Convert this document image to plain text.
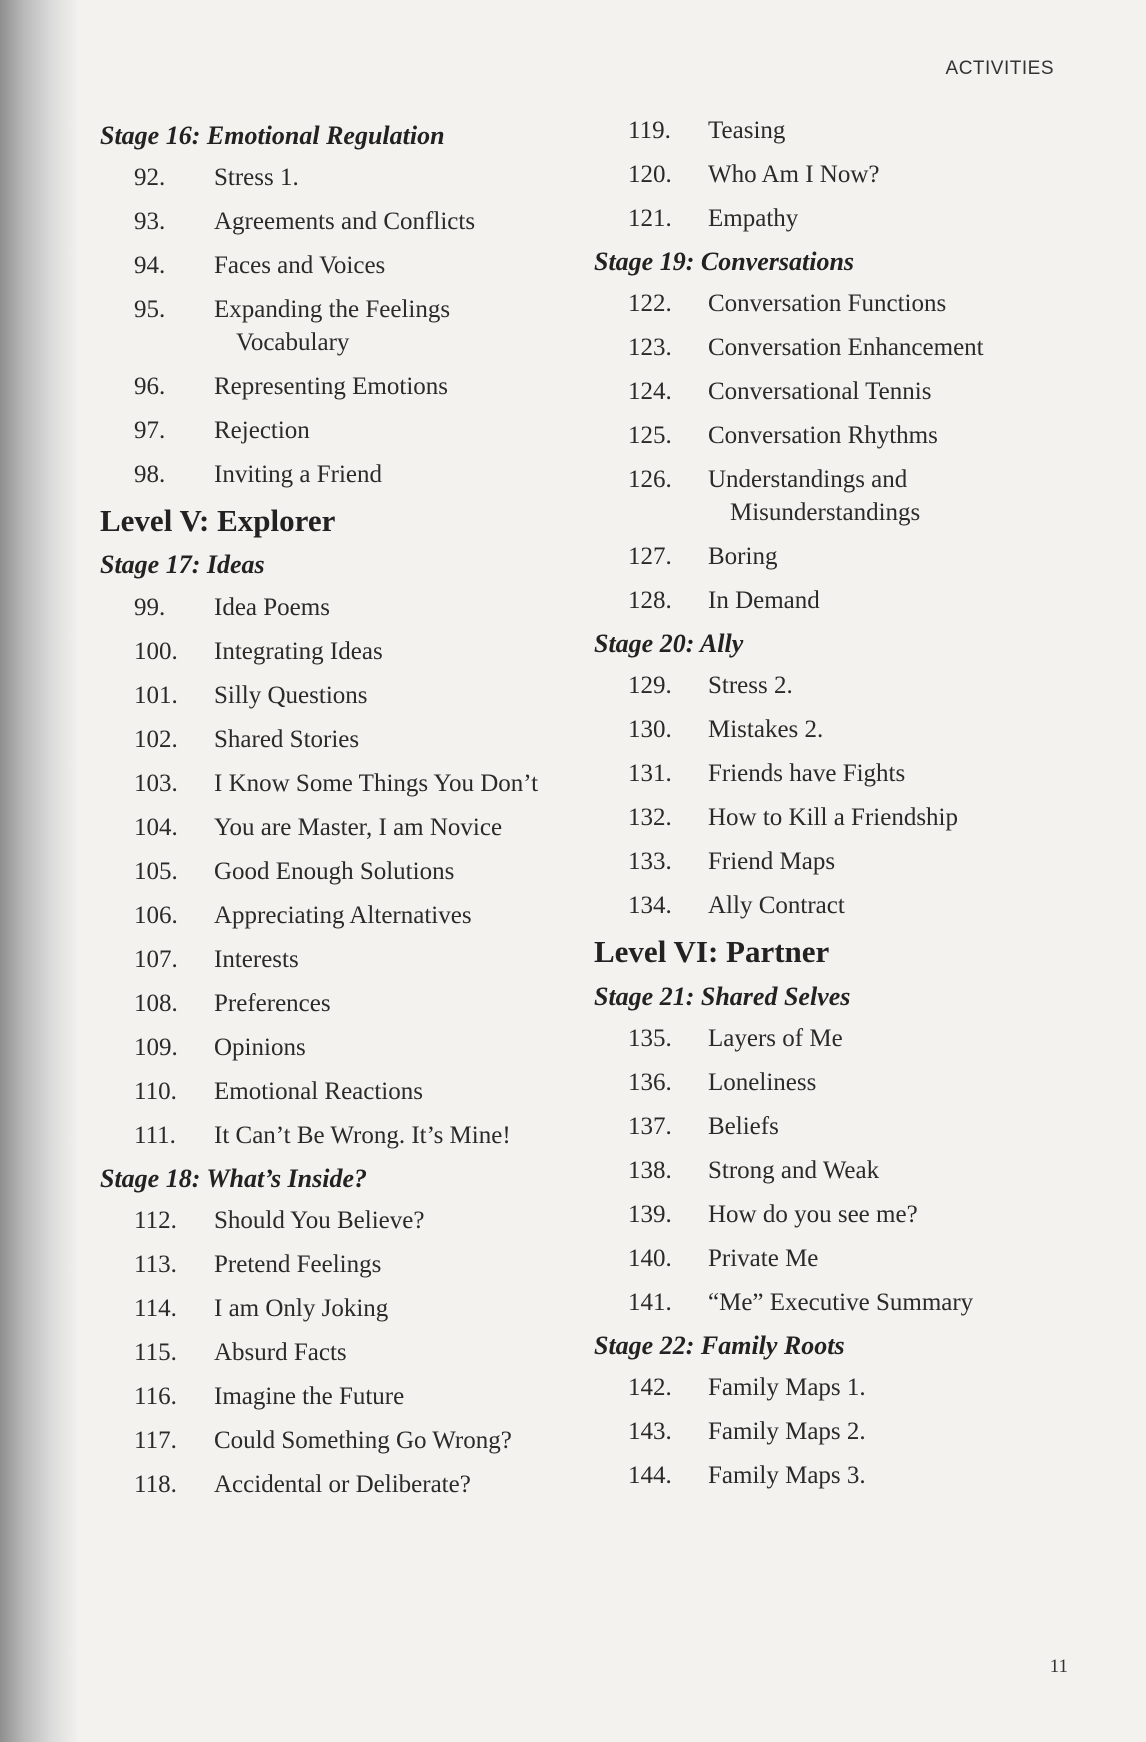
ACTIVITIES
Stage 16: Emotional Regulation
92.	Stress 1.
93.	Agreements and Conflicts
94.	Faces and Voices
95.	Expanding the Feelings
Vocabulary
96.	Representing Emotions
97.	Rejection
98.	Inviting a Friend
Level V: Explorer
Stage 17: Ideas
99.	Idea Poems
100.	Integrating Ideas
101.	Silly Questions
102.	Shared Stories
103.	I Know Some Things You Don’t
104.	You are Master, I am Novice
105.	Good Enough Solutions
106.	Appreciating Alternatives
107.	Interests
108.	Preferences
109.	Opinions
110.	Emotional Reactions
111.	It Can’t Be Wrong. It’s Mine!
Stage 18: What’s Inside?
112.	Should You Believe?
113.	Pretend Feelings
114.	I am Only Joking
115.	Absurd Facts
116.	Imagine the Future
117.	Could Something Go Wrong?
118.	Accidental or Deliberate?
119.	Teasing
120.	Who Am I Now?
121.	Empathy
Stage 19: Conversations
122.	Conversation Functions
123.	Conversation Enhancement
124.	Conversational Tennis
125.	Conversation Rhythms
126.	Understandings and
Misunderstandings
127.	Boring
128.	In Demand
Stage 20: Ally
129.	Stress 2.
130.	Mistakes 2.
131.	Friends have Fights
132.	How to Kill a Friendship
133.	Friend Maps
134.	Ally Contract
Level VI: Partner
Stage 21: Shared Selves
135.	Layers of Me
136.	Loneliness
137.	Beliefs
138.	Strong and Weak
139.	How do you see me?
140.	Private Me
141.	“Me” Executive Summary
Stage 22: Family Roots
142.	Family Maps 1.
143.	Family Maps 2.
144.	Family Maps 3.
11
